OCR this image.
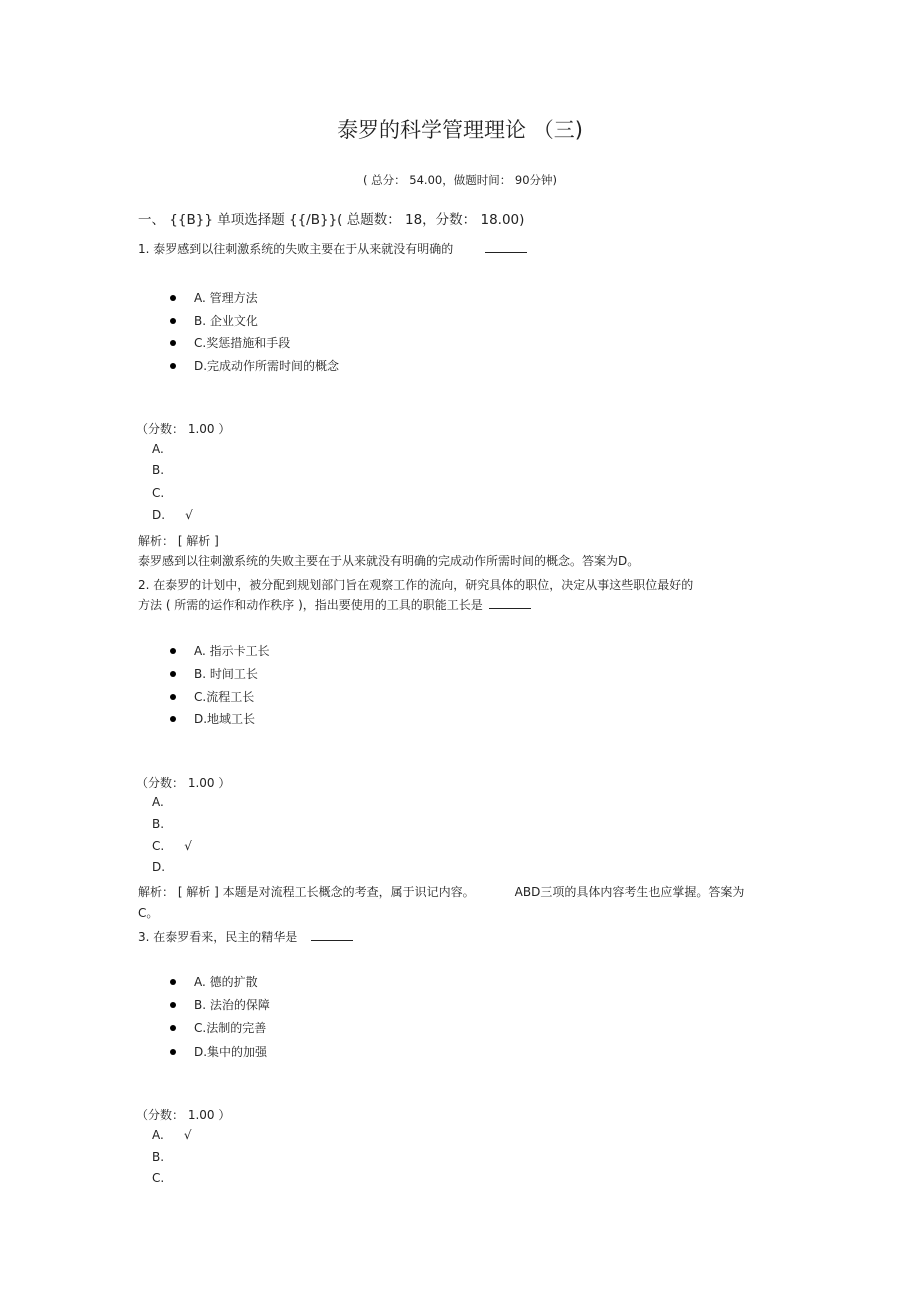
泰罗的科学管理理论 （三)
( 总分： 54.00，做题时间： 90分钟)
一、 {{B}} 单项选择题 {{/B}}( 总题数： 18，分数： 18.00)
1. 泰罗感到以往刺激系统的失败主要在于从来就没有明确的
A. 管理方法
B. 企业文化
C.奖惩措施和手段
D.完成动作所需时间的概念
（分数： 1.00 ）
A.
B.
C.
D. √
解析： [ 解析 ]
泰罗感到以往刺激系统的失败主要在于从来就没有明确的完成动作所需时间的概念。答案为D。
2. 在泰罗的计划中，被分配到规划部门旨在观察工作的流向，研究具体的职位，决定从事这些职位最好的
方法 ( 所需的运作和动作秩序 )，指出要使用的工具的职能工长是
A. 指示卡工长
B. 时间工长
C.流程工长
D.地域工长
（分数： 1.00 ）
A.
B.
C. √
D.
解析： [ 解析 ] 本题是对流程工长概念的考查，属于识记内容。	ABD三项的具体内容考生也应掌握。答案为
C。
3. 在泰罗看来，民主的精华是
A. 德的扩散
B. 法治的保障
C.法制的完善
D.集中的加强
（分数： 1.00 ）
A. √
B.
C.
